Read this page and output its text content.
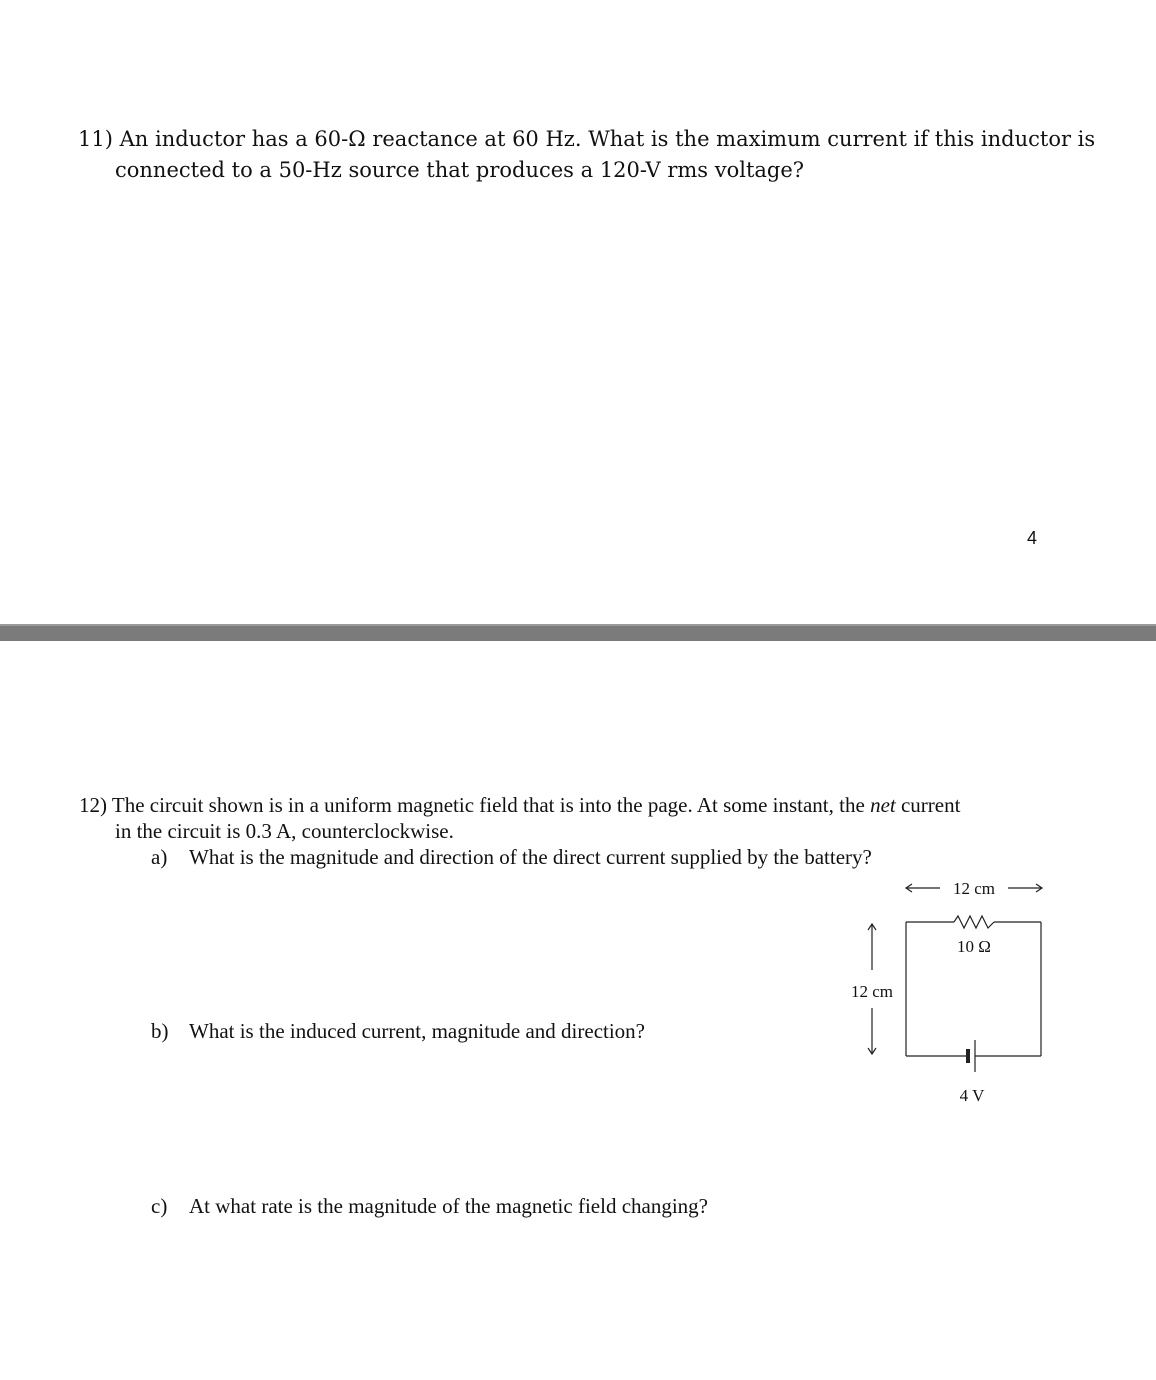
11) An inductor has a 60-Ω reactance at 60 Hz. What is the maximum current if this inductor is
connected to a 50-Hz source that produces a 120-V rms voltage?
4
12) The circuit shown is in a uniform magnetic field that is into the page. At some instant, the net current
in the circuit is 0.3 A, counterclockwise.
a) What is the magnitude and direction of the direct current supplied by the battery?
b) What is the induced current, magnitude and direction?
c) At what rate is the magnitude of the magnetic field changing?
12 cm
10 Ω
12 cm
4 V
